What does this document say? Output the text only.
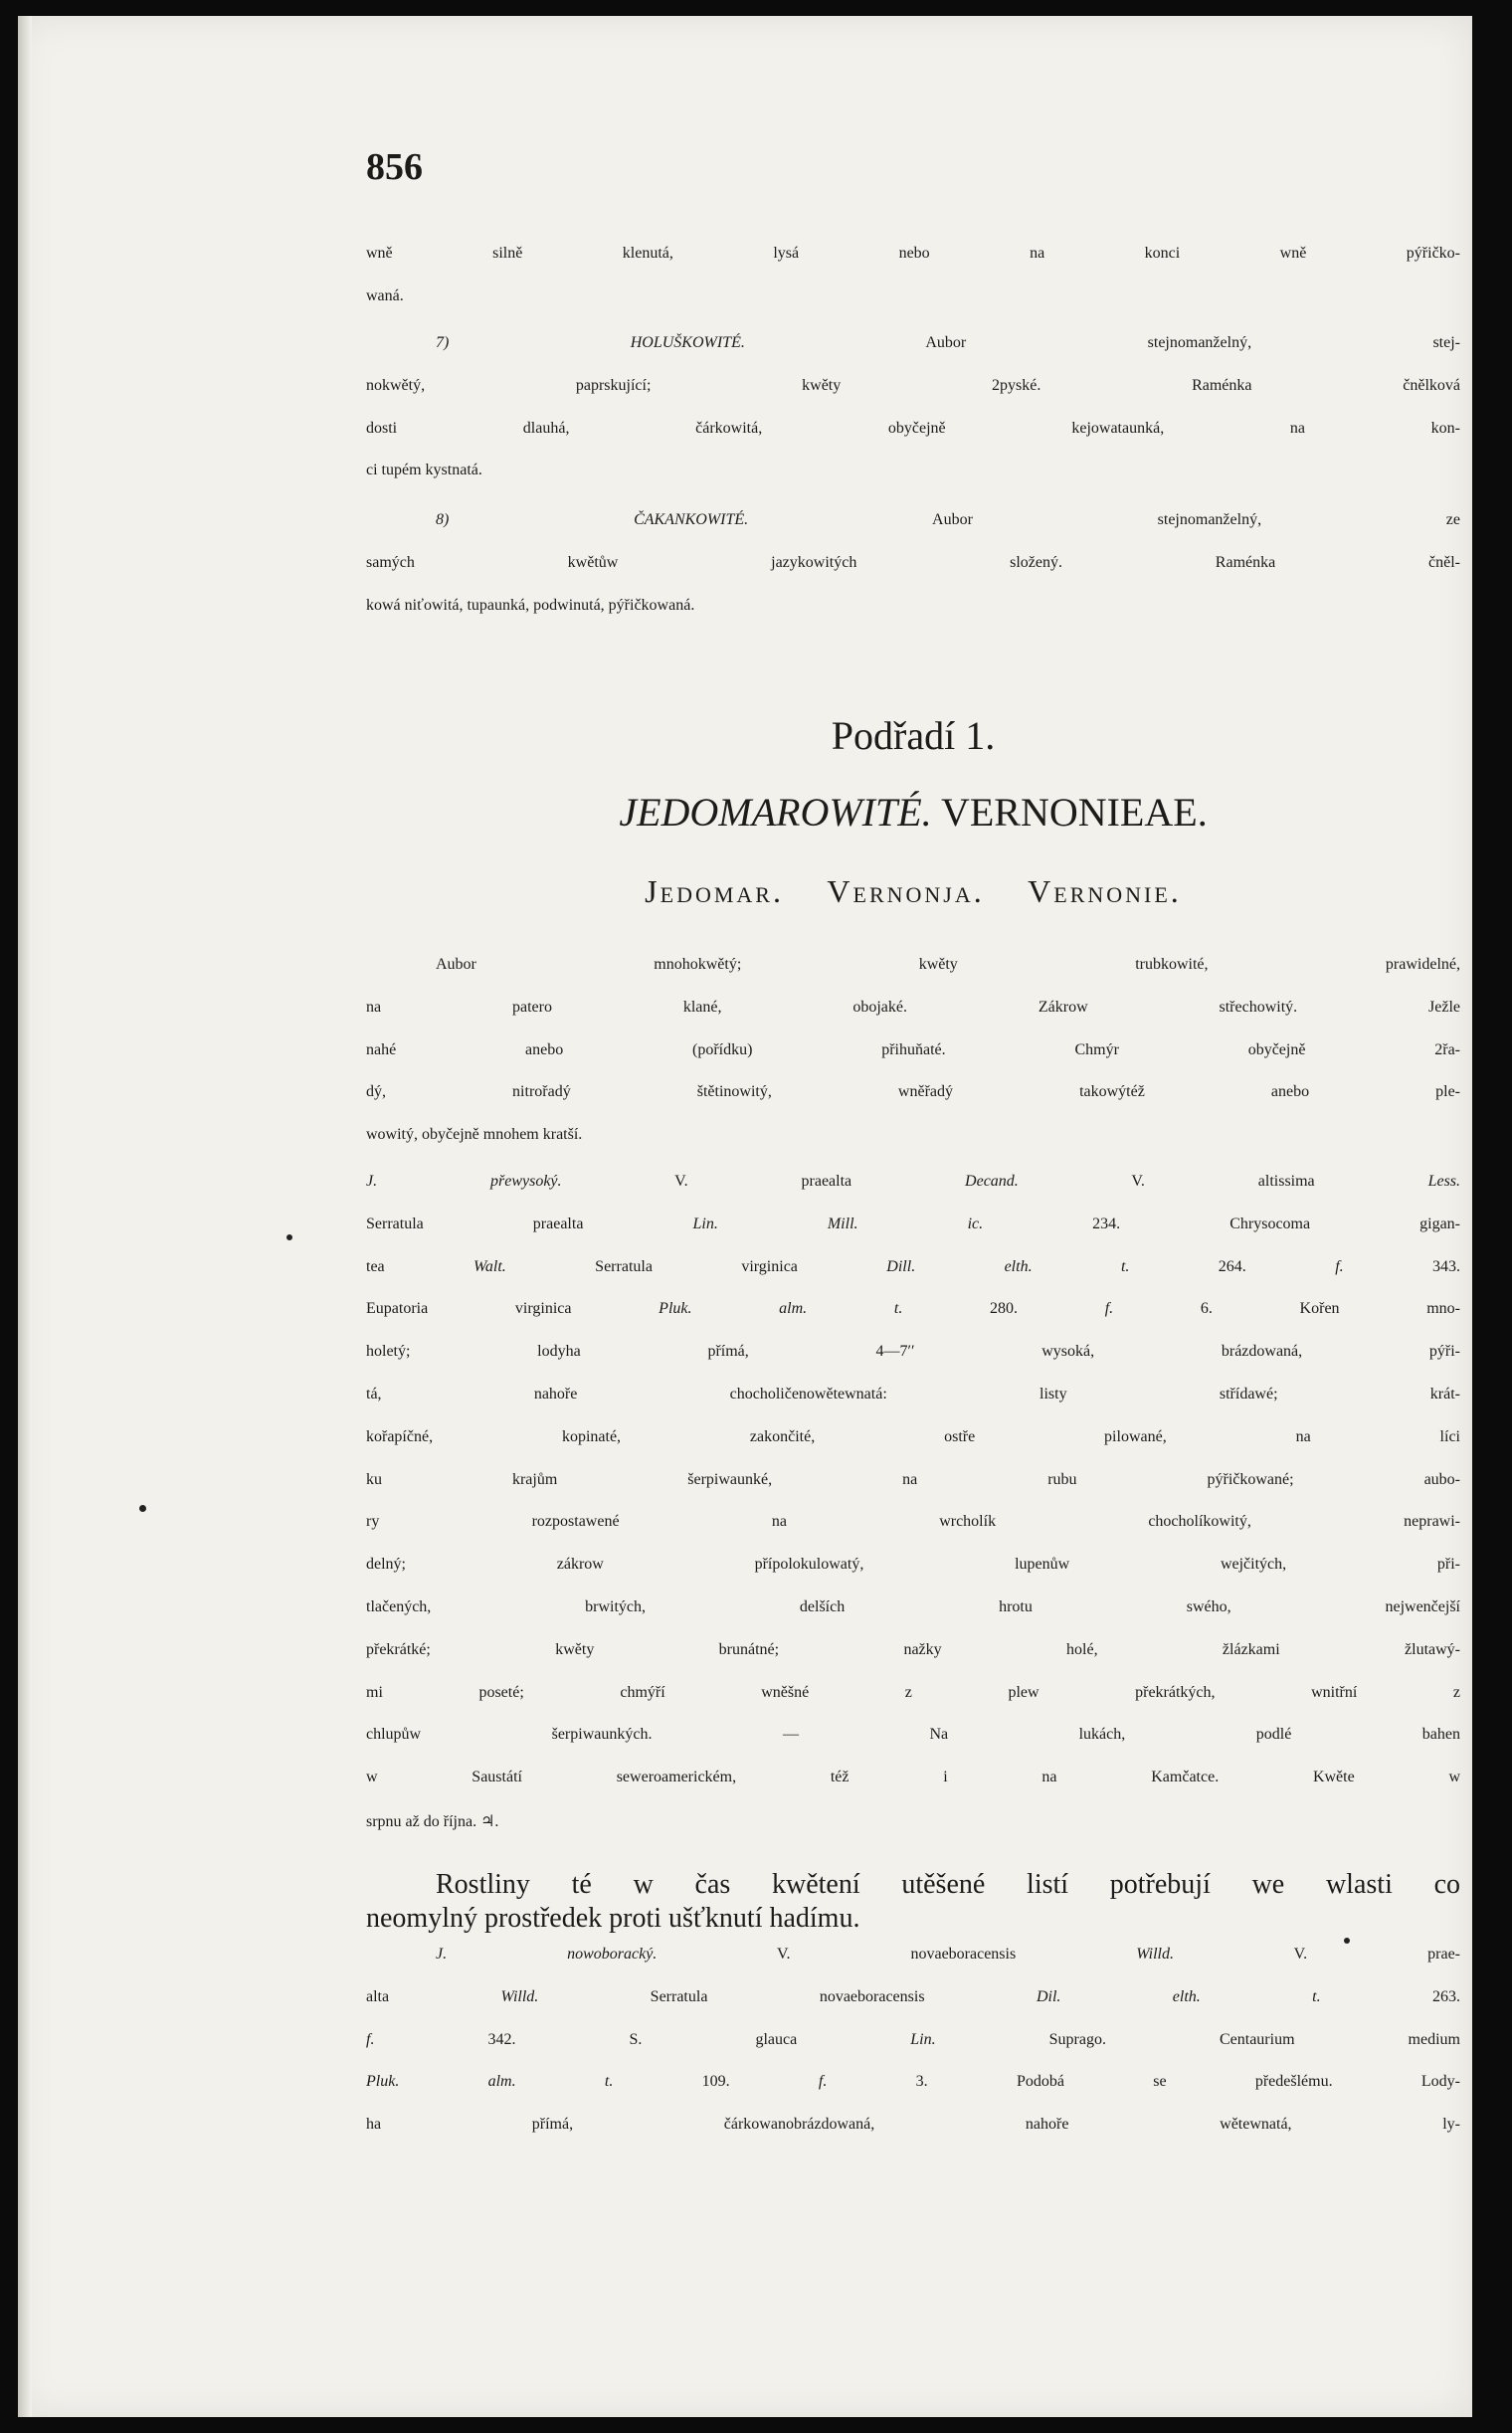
856
wně silně klenutá, lysá nebo na konci wně pýřičko-
waná.
7) HOLUŠKOWITÉ. Aubor stejnomanželný, stej-
nokwětý, paprskující; kwěty 2pyské. Raménka čnělková
dosti dlauhá, čárkowitá, obyčejně kejowataunká, na kon-
ci tupém kystnatá.
8) ČAKANKOWITÉ. Aubor stejnomanželný, ze
samých kwětůw jazykowitých složený. Raménka čněl-
kowá niťowitá, tupaunká, podwinutá, pýřičkowaná.
Podřadí 1.
JEDOMAROWITÉ. VERNONIEAE.
Jedomar. Vernonja. Vernonie.
Aubor mnohokwětý; kwěty trubkowité, prawidelné,
na patero klané, obojaké. Zákrow střechowitý. Ježle
nahé anebo (pořídku) přihuňaté. Chmýr obyčejně 2řa-
dý, nitrořadý štětinowitý, wněřadý takowýtéž anebo ple-
wowitý, obyčejně mnohem kratší.
J. přewysoký. V. praealta Decand. V. altissima Less.
Serratula praealta Lin. Mill. ic. 234. Chrysocoma gigan-
tea Walt. Serratula virginica Dill. elth. t. 264. f. 343.
Eupatoria virginica Pluk. alm. t. 280. f. 6. Kořen mno-
holetý; lodyha přímá, 4—7′′ wysoká, brázdowaná, pýři-
tá, nahoře chocholičenowětewnatá: listy střídawé; krát-
kořapíčné, kopinaté, zakončité, ostře pilowané, na líci
ku krajům šerpiwaunké, na rubu pýřičkowané; aubo-
ry rozpostawené na wrcholík chocholíkowitý, neprawi-
delný; zákrow přípolokulowatý, lupenůw wejčitých, při-
tlačených, brwitých, delších hrotu swého, nejwenčejší
překrátké; kwěty brunátné; nažky holé, žlázkami žlutawý-
mi poseté; chmýří wněšné z plew překrátkých, wnitřní z
chlupůw šerpiwaunkých. — Na lukách, podlé bahen
w Saustátí seweroamerickém, též i na Kamčatce. Kwěte w
srpnu až do října. ♃.
Rostliny té w čas kwětení utěšené listí potřebují we wlasti co
neomylný prostředek proti ušťknutí hadímu.
J. nowoboracký. V. novaeboracensis Willd. V. prae-
alta Willd. Serratula novaeboracensis Dil. elth. t. 263.
f. 342. S. glauca Lin. Suprago. Centaurium medium
Pluk. alm. t. 109. f. 3. Podobá se předešlému. Lody-
ha přímá, čárkowanobrázdowaná, nahoře wětewnatá, ly-
